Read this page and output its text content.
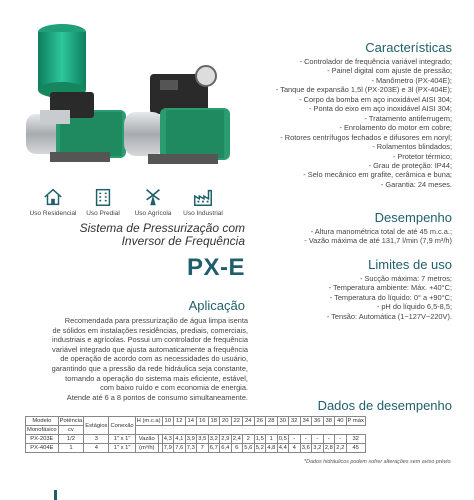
Uso Residencial	Uso Predial	Uso Agrícola	Uso Industrial
Sistema de Pressurização com
Inversor de Frequência
PX-E
Aplicação
Recomendada para pressurização de água limpa isenta
de sólidos em instalações residências, prediais, comerciais,
industriais e agrícolas. Possui um controlador de frequência
variável integrado que ajusta automaticamente a frequência
de operação de acordo com as necessidades do usuário,
garantindo que a pressão da rede hidráulica seja constante,
tornando a operação do sistema mais eficiente, estável,
com baixo ruído e com economia de energia.
Atende até 6 a 8 pontos de consumo simultaneamente.
Características
- Controlador de frequência variável integrado;
- Painel digital com ajuste de pressão;
- Manômetro (PX-404E);
- Tanque de expansão 1,5l (PX-203E) e 3l (PX-404E);
- Corpo da bomba em aço inoxidável AISI 304;
- Ponta do eixo em aço inoxidável AISI 304;
- Tratamento antiferrugem;
- Enrolamento do motor em cobre;
- Rotores centrífugos fechados e difusores em noryl;
- Rolamentos blindados;
- Protetor térmico;
- Grau de proteção: IP44;
- Selo mecânico em grafite, cerâmica e buna;
- Garantia: 24 meses.
Desempenho
- Altura manométrica total de até 45 m.c.a.;
- Vazão máxima de até 131,7 l/min (7,9 m³/h)
Limites de uso
- Sucção máxima: 7 metros;
- Temperatura ambiente: Máx. +40°C;
- Temperatura do líquido: 0° a +90°C;
- pH do líquido 6,5-8,5;
- Tensão: Automática (1~127V~220V).
Dados de desempenho
Modelo	Potência	Estágios	Conexão	H (m.c.a)		10	12	14	16	18	20	22	24	26	28	30	32	34	36	38	40	P máx
Monofásico	cv																					
PX-203E	1/2	3	1" x 1"	Vazão		4,3	4,1	3,9	3,5	3,2	2,9	2,4	2	1,5	1	0,5	-	-	-	-	-	32
PX-404E	1	4	1" x 1"	(m³/h)		7,9	7,6	7,3	7	6,7	6,4	6	5,6	5,2	4,8	4,4	4	3,6	3,2	2,8	2,2	45
*Dados hidráulicos podem sofrer alterações sem aviso prévio.
